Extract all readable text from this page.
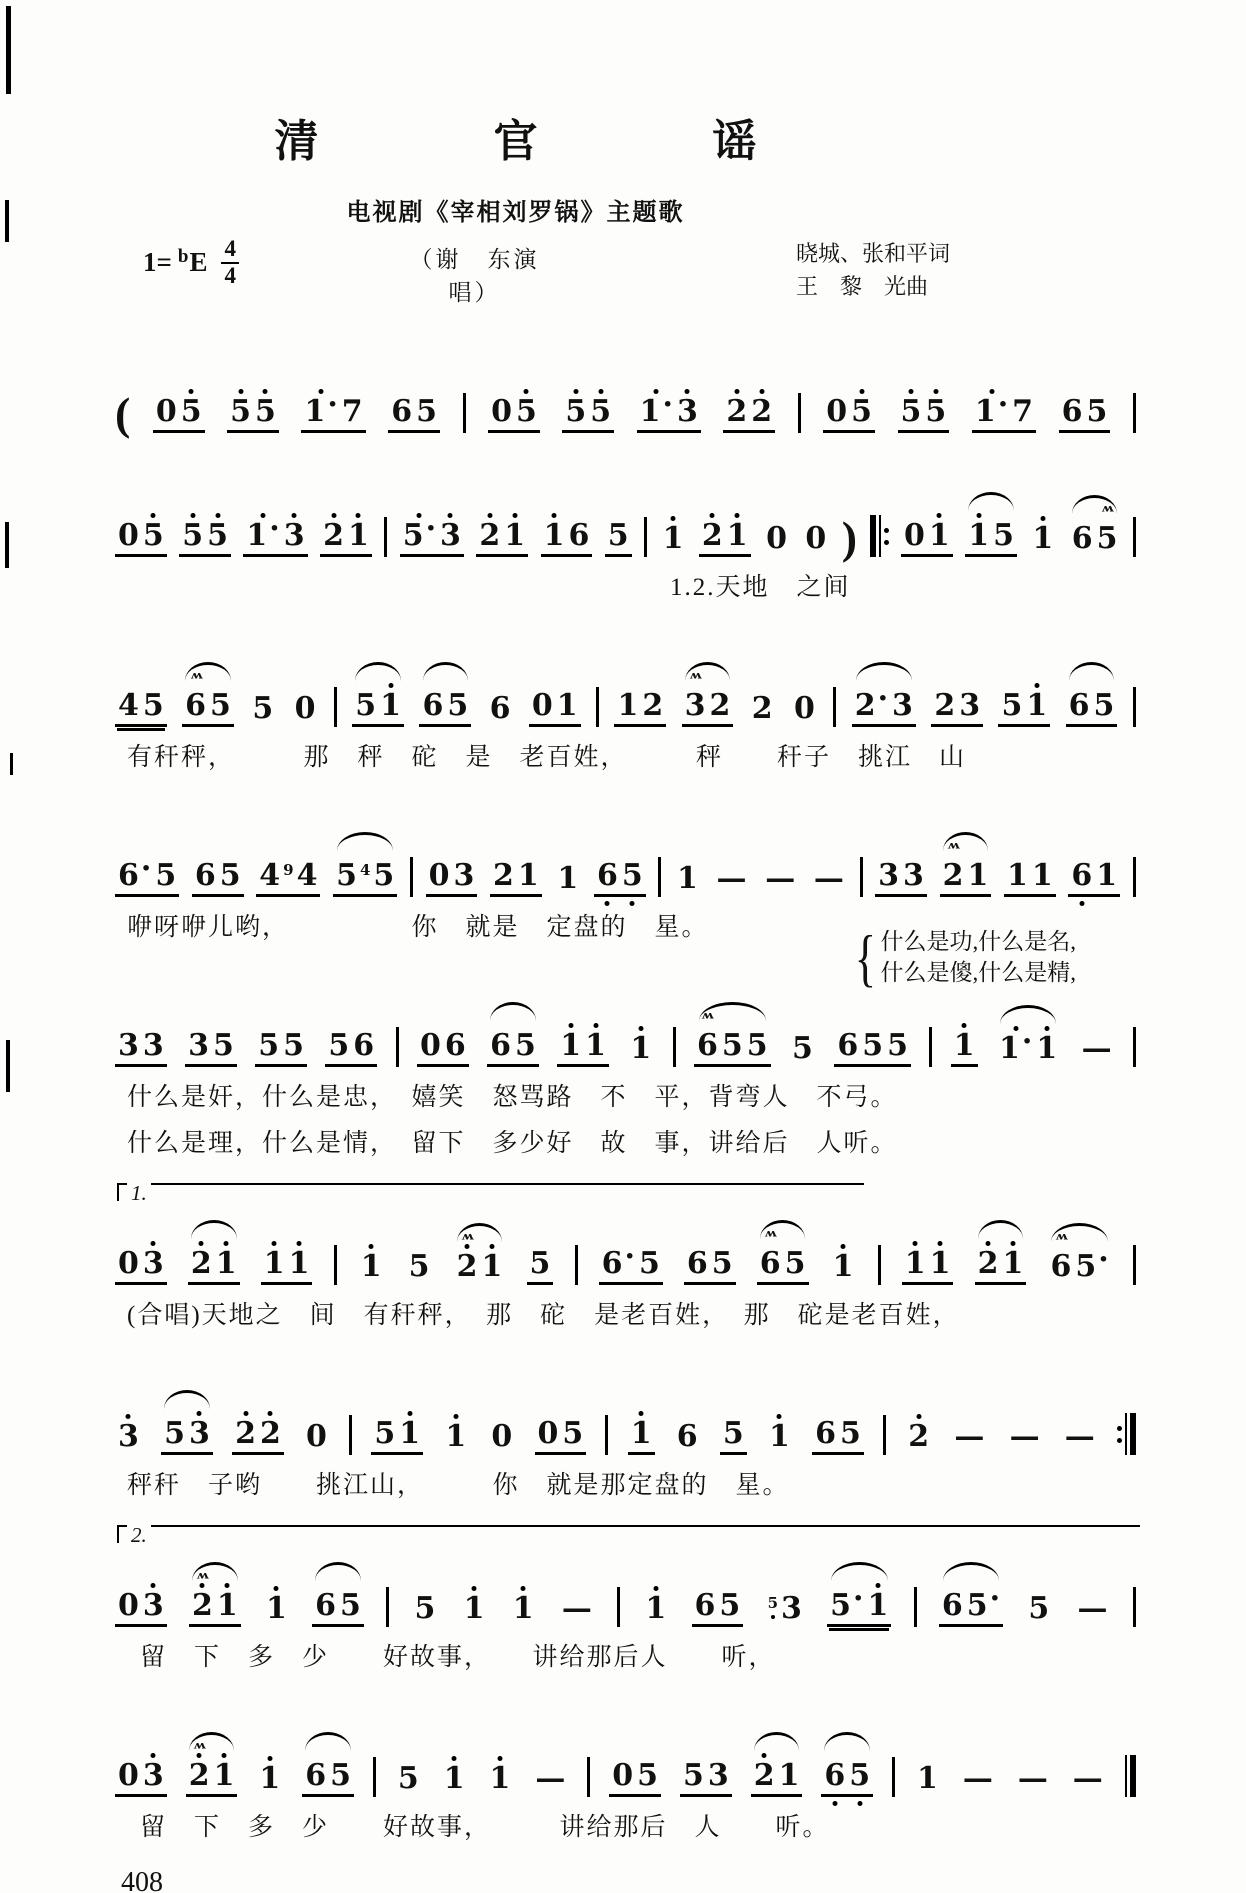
清 官 谣
电视剧《宰相刘罗锅》主题歌
1= $^b$ E $\frac{4}{4}$	（谢　东演唱）
晓城、张和平词
王　黎　光曲
( 0 5 5 5 1
· 7 6 5 0 5 5 5 1
· 3 2 2 0 5 5 5 1
· 7 6 5
0 5 5 5 1
· 3 2 1 5
· 3 2 1 1 6 5 1 2 1 0 0 ) 0 1 1 5 1 6 5
ʍ
1.2.天地　之间
4 5 6
ʍ
5 5 0 5 1 6 5 6 0 1 1 2 3
ʍ
2 2 0 2· 3 2 3 5 1 6 5
有秆秤，　　　那　秤　砣　是　老百姓，　　　秤　　秆子　挑江　山
6· 5 6 5 4 9 4 5 4 5 0 3 2 1 1 6 5 1 — — — 3 3 2
ʍ
1 1 1 6 1
咿呀咿儿哟，　　　　　你　就是　定盘的　星。	{ 什么是功,什么是名,
什么是傻,什么是精,
3 3 3 5 5 5 5 6 0 6 6 5 1 1 1 6
ʍ
5 5 5 6 5 5 1 1
· 1 —
什么是奸，什么是忠，　嬉笑　怒骂路　不　平，背弯人　不弓。
什么是理，什么是情，　留下　多少好　故　事，讲给后　人听。
1.
0 3 2 1 1 1 1 5 2
ʍ
1 5 6· 5 6 5 6
ʍ
5 1 1 1 2 1 6
ʍ
5·
(合唱)天地之　间　有秆秤，　那　砣　是老百姓，　那　砣是老百姓，
3 5 3 2 2 0 5 1 1 0 0 5 1 6 5 1 6 5 2 — — —
秤秆　子哟　　挑江山，　　　你　就是那定盘的　星。
2.
0 3 2
ʍ
1 1 6 5 5 1 1 — 1 6 5 5 3 5· 1 6 5· 5 —
留　下　多　少　　好故事，　　讲给那后人　　听，
0 3 2
ʍ
1 1 6 5 5 1 1 — 0 5 5 3 2 1 6 5 1 — — —
留　下　多　少　　好故事，　　　讲给那后　人　　听。
408
